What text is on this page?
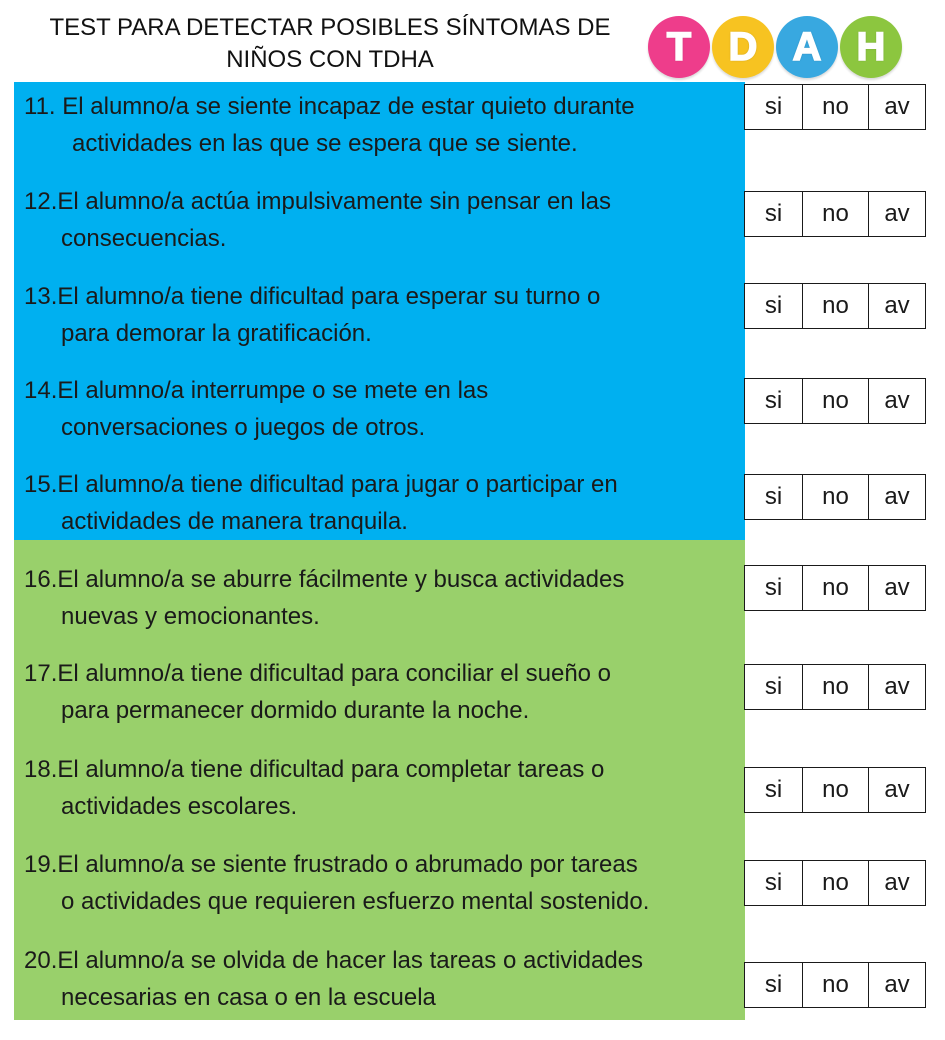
TEST PARA DETECTAR POSIBLES SÍNTOMAS DE
NIÑOS CON TDHA	T D A H
11. El alumno/a se siente incapaz de estar quieto durante
actividades en las que se espera que se siente.
si	no	av
12.El alumno/a actúa impulsivamente sin pensar en las
consecuencias.
si	no	av
13.El alumno/a tiene dificultad para esperar su turno o
para demorar la gratificación.
si	no	av
14.El alumno/a interrumpe o se mete en las
conversaciones o juegos de otros.
si	no	av
15.El alumno/a tiene dificultad para jugar o participar en
actividades de manera tranquila.
si	no	av
16.El alumno/a se aburre fácilmente y busca actividades
nuevas y emocionantes.
si	no	av
17.El alumno/a tiene dificultad para conciliar el sueño o
para permanecer dormido durante la noche.
si	no	av
18.El alumno/a tiene dificultad para completar tareas o
actividades escolares.
si	no	av
19.El alumno/a se siente frustrado o abrumado por tareas
o actividades que requieren esfuerzo mental sostenido.
si	no	av
20.El alumno/a se olvida de hacer las tareas o actividades
necesarias en casa o en la escuela	si	no	av
